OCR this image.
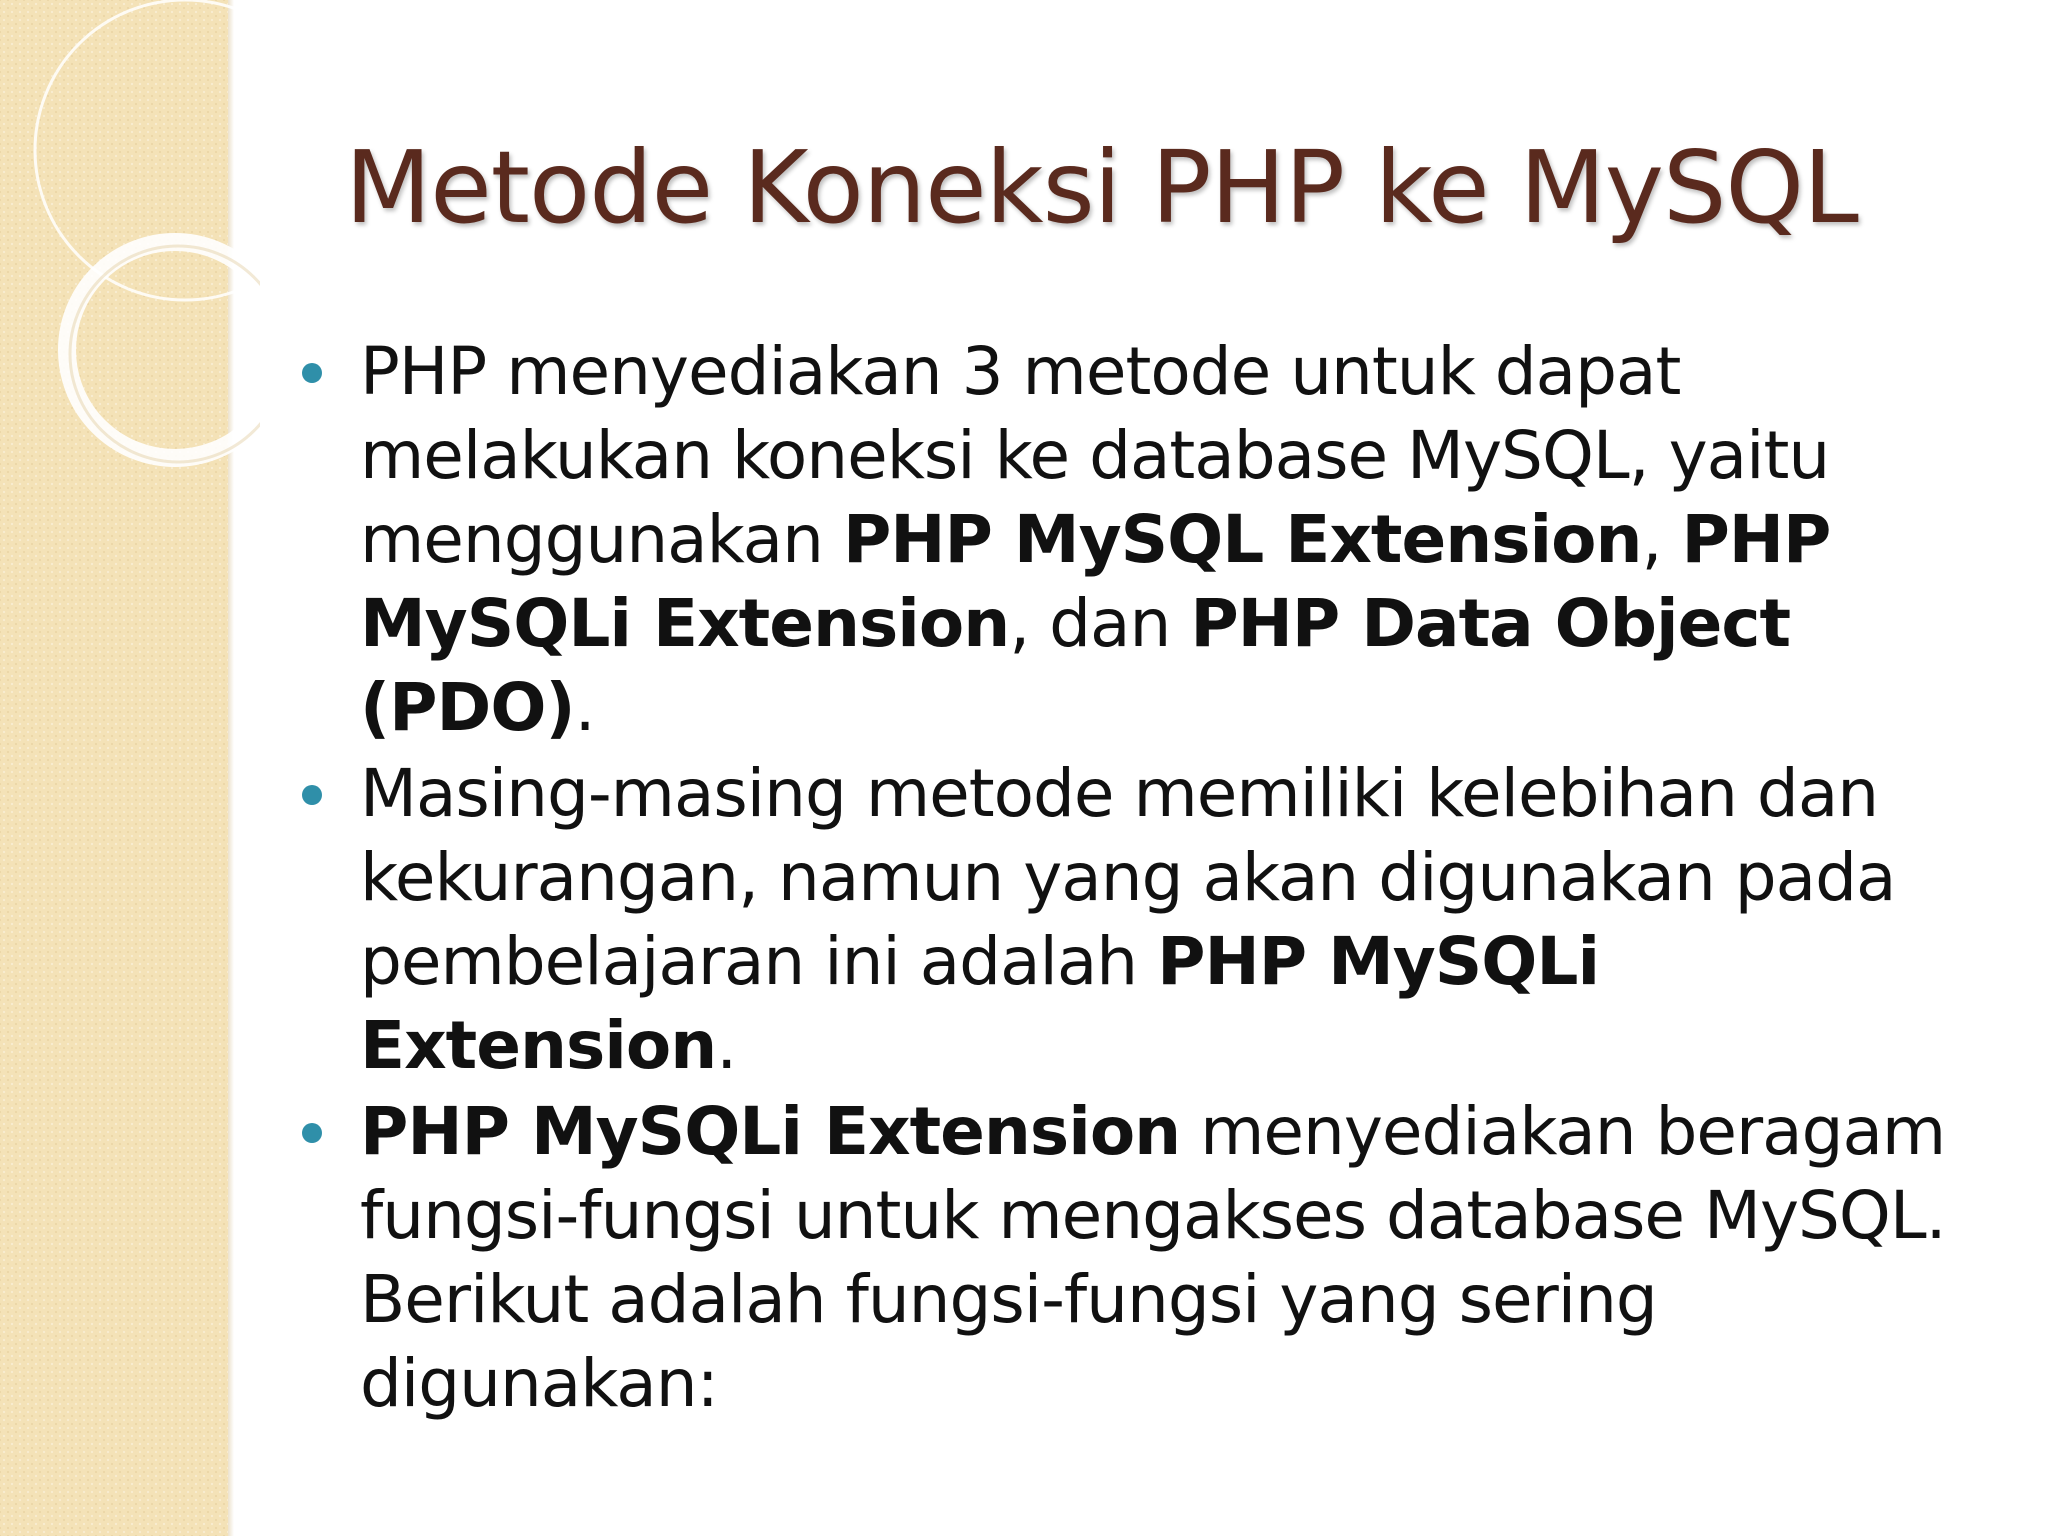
Metode Koneksi PHP ke MySQL
PHP menyediakan 3 metode untuk dapat melakukan koneksi ke database MySQL, yaitu menggunakan PHP MySQL Extension, PHP MySQLi Extension, dan PHP Data Object (PDO).
Masing-masing metode memiliki kelebihan dan kekurangan, namun yang akan digunakan pada pembelajaran ini adalah PHP MySQLi Extension.
PHP MySQLi Extension menyediakan beragam fungsi-fungsi untuk mengakses database MySQL. Berikut adalah fungsi-fungsi yang sering digunakan:
